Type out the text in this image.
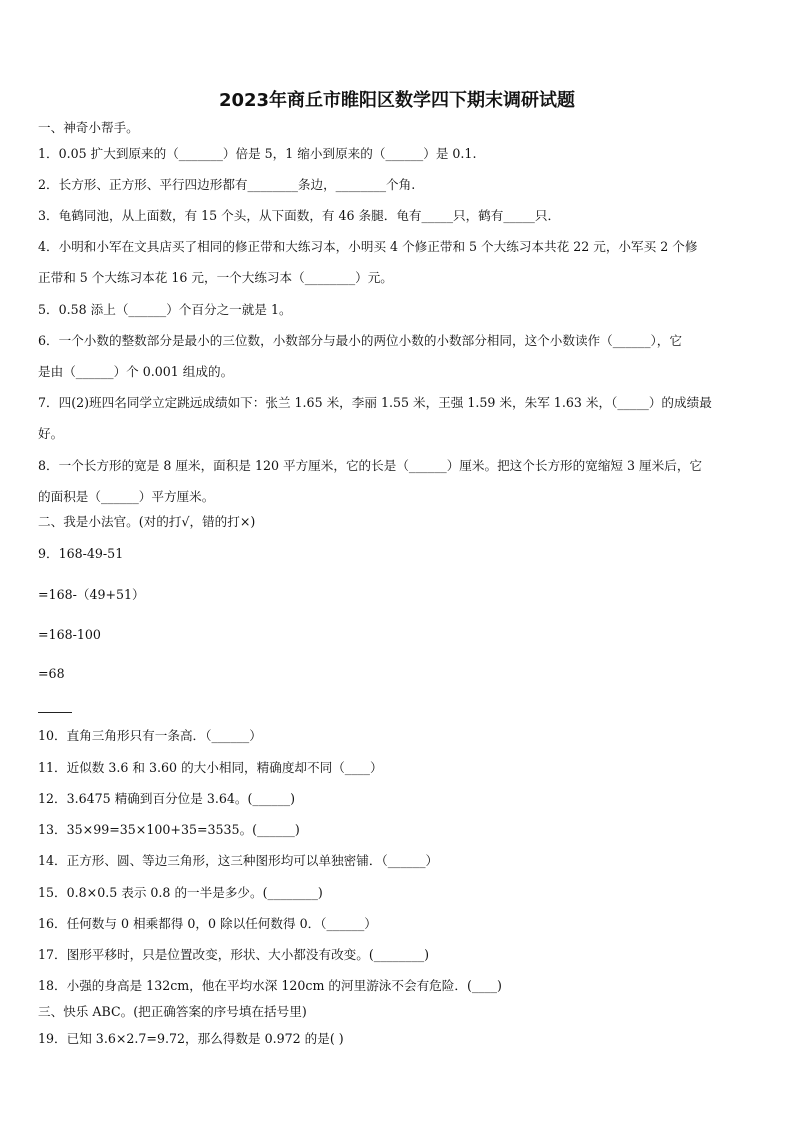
2023年商丘市睢阳区数学四下期末调研试题
一、神奇小帮手。
1．0.05 扩大到原来的（_______）倍是 5，1 缩小到原来的（______）是 0.1.
2．长方形、正方形、平行四边形都有________条边，________个角.
3．龟鹤同池，从上面数，有 15 个头，从下面数，有 46 条腿．龟有_____只，鹤有_____只．
4．小明和小军在文具店买了相同的修正带和大练习本，小明买 4 个修正带和 5 个大练习本共花 22 元，小军买 2 个修
正带和 5 个大练习本花 16 元，一个大练习本（________）元。
5．0.58 添上（______）个百分之一就是 1。
6．一个小数的整数部分是最小的三位数，小数部分与最小的两位小数的小数部分相同，这个小数读作（______），它
是由（______）个 0.001 组成的。
7．四(2)班四名同学立定跳远成绩如下：张兰 1.65 米，李丽 1.55 米，王强 1.59 米，朱军 1.63 米，（_____）的成绩最
好。
8．一个长方形的宽是 8 厘米，面积是 120 平方厘米，它的长是（______）厘米。把这个长方形的宽缩短 3 厘米后，它
的面积是（______）平方厘米。
二、我是小法官。(对的打√，错的打×)
9．168-49-51
=168-（49+51）
=168-100
=68
10．直角三角形只有一条高．（______）
11．近似数 3.6 和 3.60 的大小相同，精确度却不同（____）
12．3.6475 精确到百分位是 3.64。(______)
13．35×99=35×100+35=3535。(______)
14．正方形、圆、等边三角形，这三种图形均可以单独密铺．（______）
15．0.8×0.5 表示 0.8 的一半是多少。(________)
16．任何数与 0 相乘都得 0，0 除以任何数得 0．（______）
17．图形平移时，只是位置改变，形状、大小都没有改变。(________)
18．小强的身高是 132cm，他在平均水深 120cm 的河里游泳不会有危险．(____)
三、快乐 ABC。(把正确答案的序号填在括号里)
19．已知 3.6×2.7=9.72，那么得数是 0.972 的是( )
